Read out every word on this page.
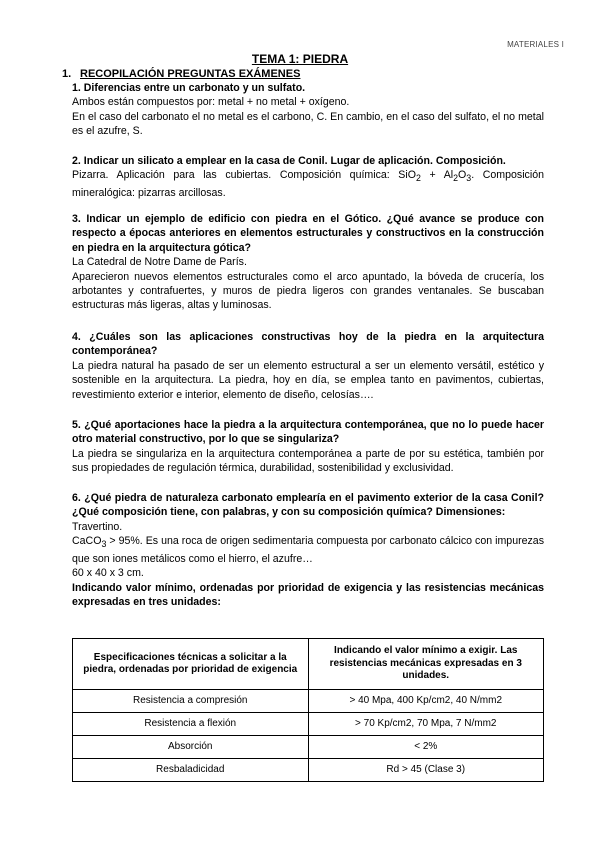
MATERIALES I
TEMA 1: PIEDRA
1. RECOPILACIÓN PREGUNTAS EXÁMENES
1. Diferencias entre un carbonato y un sulfato.
Ambos están compuestos por: metal + no metal + oxígeno.
En el caso del carbonato el no metal es el carbono, C. En cambio, en el caso del sulfato, el no metal es el azufre, S.
2. Indicar un silicato a emplear en la casa de Conil. Lugar de aplicación. Composición.
Pizarra. Aplicación para las cubiertas. Composición química: $SiO_2 + Al_2O_3$. Composición mineralógica: pizarras arcillosas.
3. Indicar un ejemplo de edificio con piedra en el Gótico. ¿Qué avance se produce con respecto a épocas anteriores en elementos estructurales y constructivos en la construcción en piedra en la arquitectura gótica?
La Catedral de Notre Dame de París.
Aparecieron nuevos elementos estructurales como el arco apuntado, la bóveda de crucería, los arbotantes y contrafuertes, y muros de piedra ligeros con grandes ventanales. Se buscaban estructuras más ligeras, altas y luminosas.
4. ¿Cuáles son las aplicaciones constructivas hoy de la piedra en la arquitectura contemporánea?
La piedra natural ha pasado de ser un elemento estructural a ser un elemento versátil, estético y sostenible en la arquitectura. La piedra, hoy en día, se emplea tanto en pavimentos, cubiertas, revestimiento exterior e interior, elemento de diseño, celosías….
5. ¿Qué aportaciones hace la piedra a la arquitectura contemporánea, que no lo puede hacer otro material constructivo, por lo que se singulariza?
La piedra se singulariza en la arquitectura contemporánea a parte de por su estética, también por sus propiedades de regulación térmica, durabilidad, sostenibilidad y exclusividad.
6. ¿Qué piedra de naturaleza carbonato emplearía en el pavimento exterior de la casa Conil?¿Qué composición tiene, con palabras, y con su composición química? Dimensiones:
Travertino.
CaCO$_3$ > 95%. Es una roca de origen sedimentaria compuesta por carbonato cálcico con impurezas que son iones metálicos como el hierro, el azufre…
60 x 40 x 3 cm.
Indicando valor mínimo, ordenadas por prioridad de exigencia y las resistencias mecánicas expresadas en tres unidades:
Especificaciones técnicas a solicitar a la piedra, ordenadas por prioridad de exigencia	Indicando el valor mínimo a exigir. Las resistencias mecánicas expresadas en 3 unidades.
Resistencia a compresión	> 40 Mpa, 400 Kp/cm2, 40 N/mm2
Resistencia a flexión	> 70 Kp/cm2, 70 Mpa, 7 N/mm2
Absorción	< 2%
Resbaladicidad	Rd > 45 (Clase 3)
